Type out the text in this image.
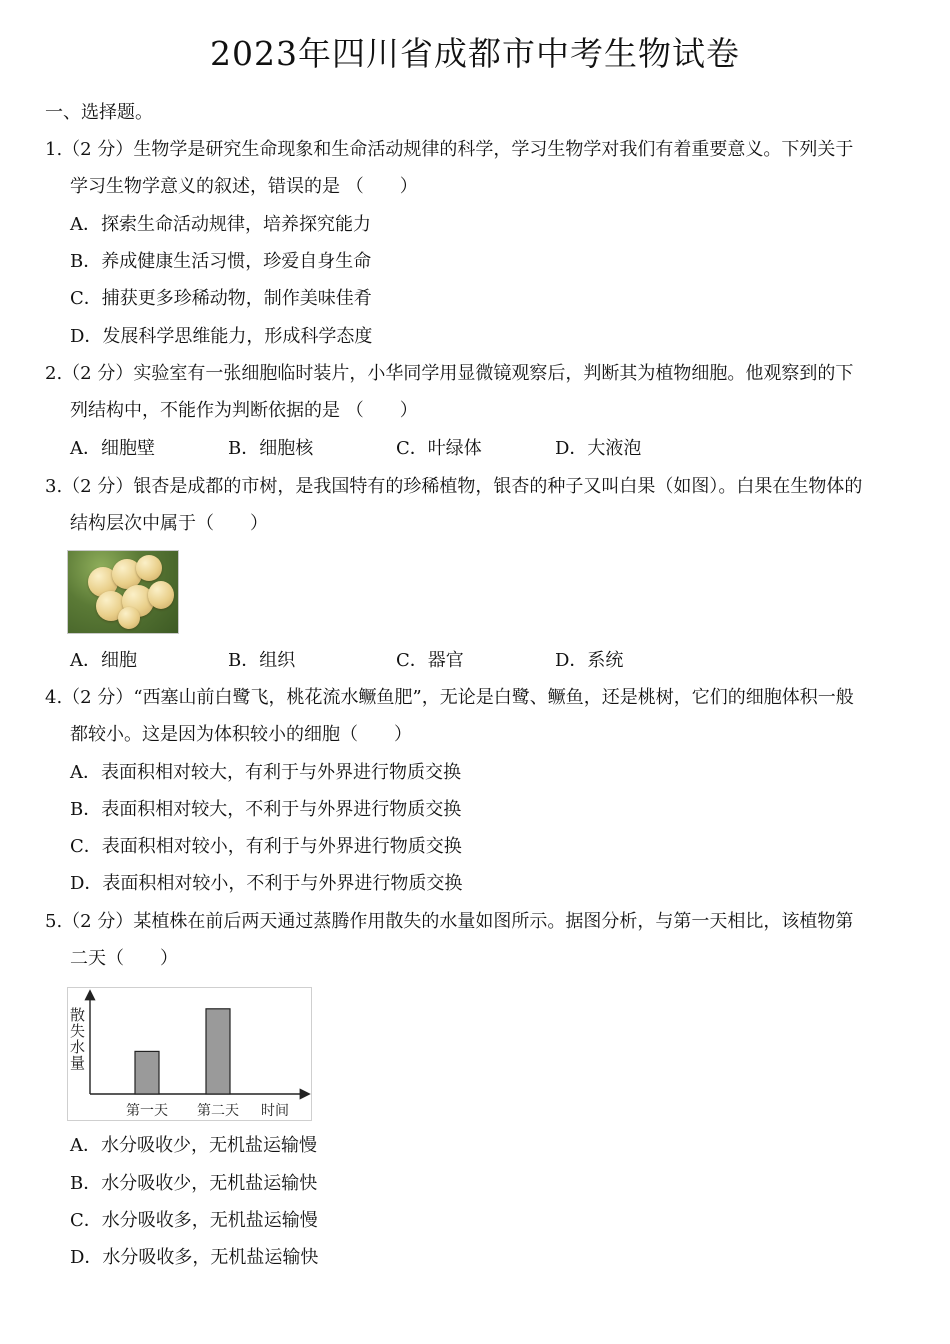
2023年四川省成都市中考生物试卷
一、选择题。
1.（2 分）生物学是研究生命现象和生命活动规律的科学，学习生物学对我们有着重要意义。下列关于
学习生物学意义的叙述，错误的是 （　　）
A．探索生命活动规律，培养探究能力
B．养成健康生活习惯，珍爱自身生命
C．捕获更多珍稀动物，制作美味佳肴
D．发展科学思维能力，形成科学态度
2.（2 分）实验室有一张细胞临时装片，小华同学用显微镜观察后，判断其为植物细胞。他观察到的下
列结构中，不能作为判断依据的是 （　　）
A．细胞壁	B．细胞核	C．叶绿体	D．大液泡
3.（2 分）银杏是成都的市树，是我国特有的珍稀植物，银杏的种子又叫白果（如图）。白果在生物体的
结构层次中属于（　　）
A．细胞	B．组织	C．器官	D．系统
4.（2 分）“西塞山前白鹭飞，桃花流水鳜鱼肥”，无论是白鹭、鳜鱼，还是桃树，它们的细胞体积一般
都较小。这是因为体积较小的细胞（　　）
A．表面积相对较大，有利于与外界进行物质交换
B．表面积相对较大，不利于与外界进行物质交换
C．表面积相对较小，有利于与外界进行物质交换
D．表面积相对较小，不利于与外界进行物质交换
5.（2 分）某植株在前后两天通过蒸腾作用散失的水量如图所示。据图分析，与第一天相比，该植物第
二天（　　）
散失水量
第一天 第二天 时间
A．水分吸收少，无机盐运输慢
B．水分吸收少，无机盐运输快
C．水分吸收多，无机盐运输慢
D．水分吸收多，无机盐运输快
